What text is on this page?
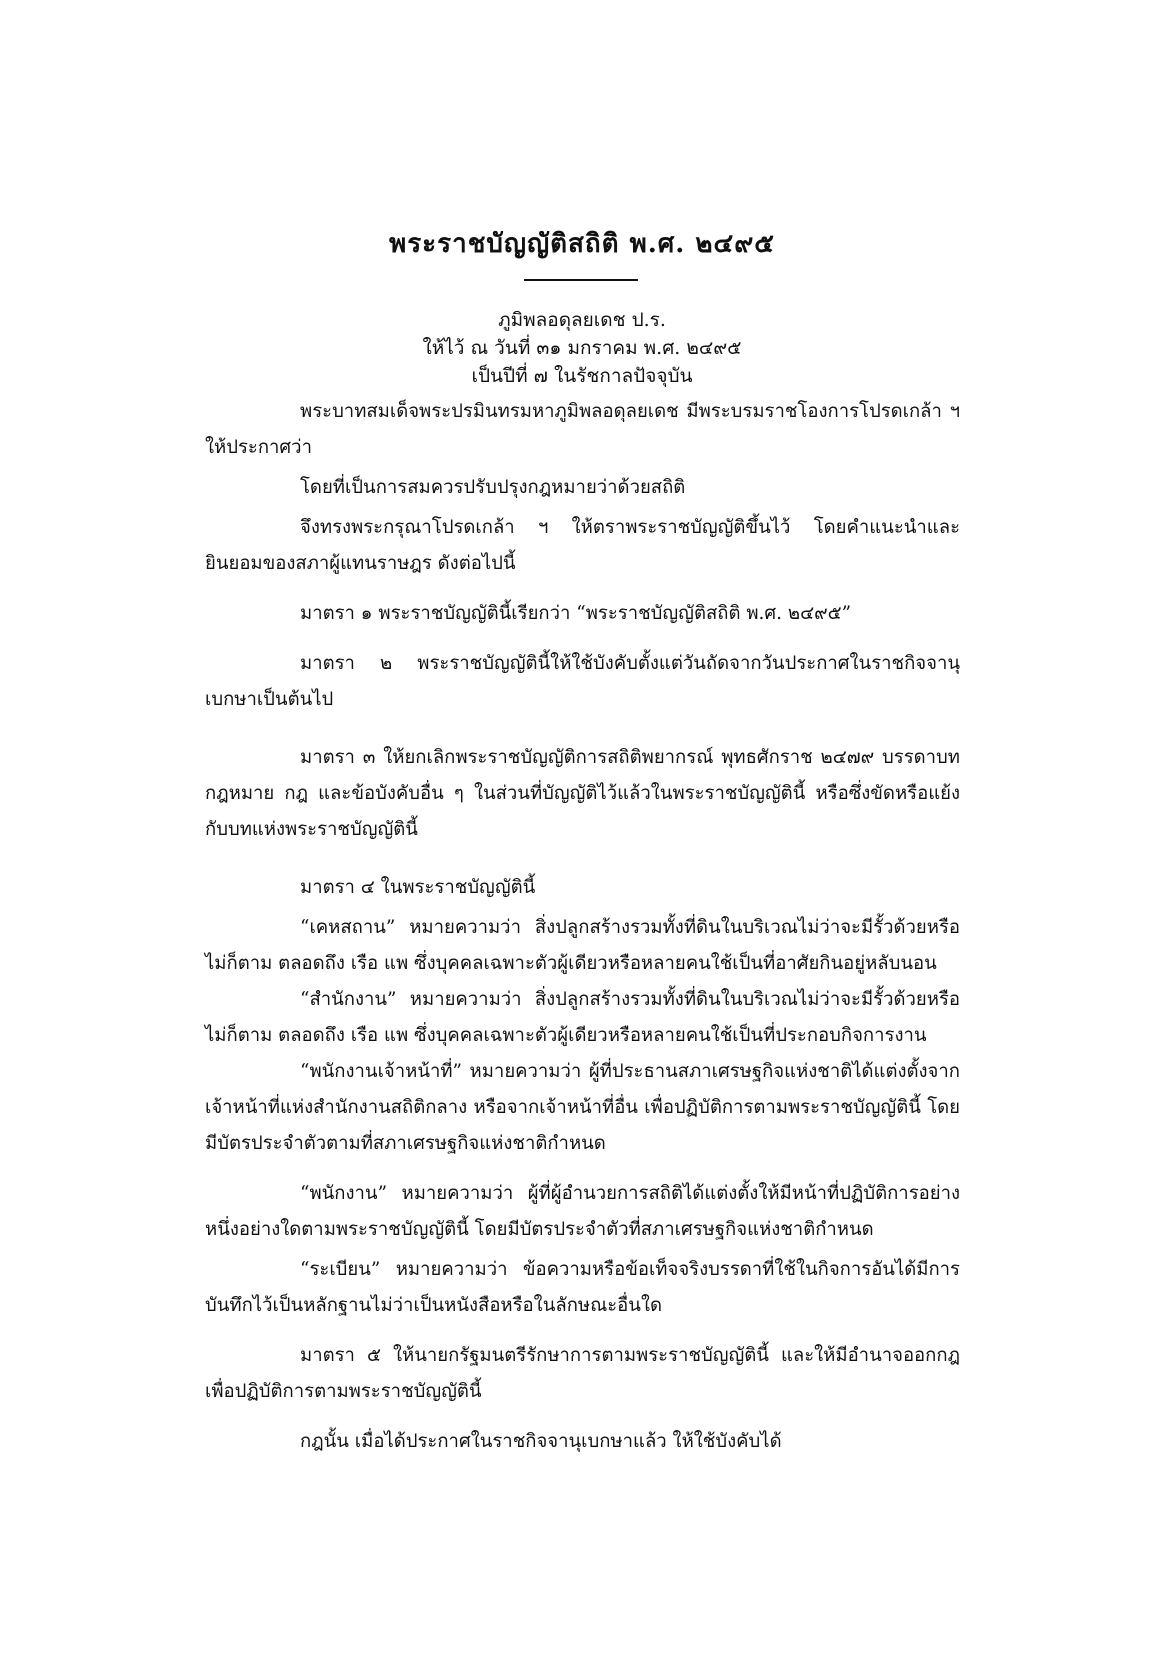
พระราชบัญญัติสถิติ พ.ศ. ๒๔๙๕
ภูมิพลอดุลยเดช ป.ร.
ให้ไว้ ณ วันที่ ๓๑ มกราคม พ.ศ. ๒๔๙๕
เป็นปีที่ ๗ ในรัชกาลปัจจุบัน

พระบาทสมเด็จพระปรมินทรมหาภูมิพลอดุลยเดช มีพระบรมราชโองการโปรดเกล้า ฯ ให้ประกาศว่า

โดยที่เป็นการสมควรปรับปรุงกฎหมายว่าด้วยสถิติ

จึงทรงพระกรุณาโปรดเกล้า ฯ ให้ตราพระราชบัญญัติขึ้นไว้ โดยคำแนะนำและยินยอมของสภาผู้แทนราษฎร ดังต่อไปนี้

มาตรา ๑ พระราชบัญญัตินี้เรียกว่า “พระราชบัญญัติสถิติ พ.ศ. ๒๔๙๕”

มาตรา ๒ พระราชบัญญัตินี้ให้ใช้บังคับตั้งแต่วันถัดจากวันประกาศในราชกิจจานุเบกษาเป็นต้นไป

มาตรา ๓ ให้ยกเลิกพระราชบัญญัติการสถิติพยากรณ์ พุทธศักราช ๒๔๗๙ บรรดาบทกฎหมาย กฎ และข้อบังคับอื่น ๆ ในส่วนที่บัญญัติไว้แล้วในพระราชบัญญัตินี้ หรือซึ่งขัดหรือแย้งกับบทแห่งพระราชบัญญัตินี้

มาตรา ๔ ในพระราชบัญญัตินี้

“เคหสถาน” หมายความว่า สิ่งปลูกสร้างรวมทั้งที่ดินในบริเวณไม่ว่าจะมีรั้วด้วยหรือไม่ก็ตาม ตลอดถึง เรือ แพ ซึ่งบุคคลเฉพาะตัวผู้เดียวหรือหลายคนใช้เป็นที่อาศัยกินอยู่หลับนอน

“สำนักงาน” หมายความว่า สิ่งปลูกสร้างรวมทั้งที่ดินในบริเวณไม่ว่าจะมีรั้วด้วยหรือไม่ก็ตาม ตลอดถึง เรือ แพ ซึ่งบุคคลเฉพาะตัวผู้เดียวหรือหลายคนใช้เป็นที่ประกอบกิจการงาน

“พนักงานเจ้าหน้าที่” หมายความว่า ผู้ที่ประธานสภาเศรษฐกิจแห่งชาติได้แต่งตั้งจากเจ้าหน้าที่แห่งสำนักงานสถิติกลาง หรือจากเจ้าหน้าที่อื่น เพื่อปฏิบัติการตามพระราชบัญญัตินี้ โดยมีบัตรประจำตัวตามที่สภาเศรษฐกิจแห่งชาติกำหนด

“พนักงาน” หมายความว่า ผู้ที่ผู้อำนวยการสถิติได้แต่งตั้งให้มีหน้าที่ปฏิบัติการอย่างหนึ่งอย่างใดตามพระราชบัญญัตินี้ โดยมีบัตรประจำตัวที่สภาเศรษฐกิจแห่งชาติกำหนด

“ระเบียน” หมายความว่า ข้อความหรือข้อเท็จจริงบรรดาที่ใช้ในกิจการอันได้มีการบันทึกไว้เป็นหลักฐานไม่ว่าเป็นหนังสือหรือในลักษณะอื่นใด

มาตรา ๕ ให้นายกรัฐมนตรีรักษาการตามพระราชบัญญัตินี้ และให้มีอำนาจออกกฎเพื่อปฏิบัติการตามพระราชบัญญัตินี้

กฎนั้น เมื่อได้ประกาศในราชกิจจานุเบกษาแล้ว ให้ใช้บังคับได้
